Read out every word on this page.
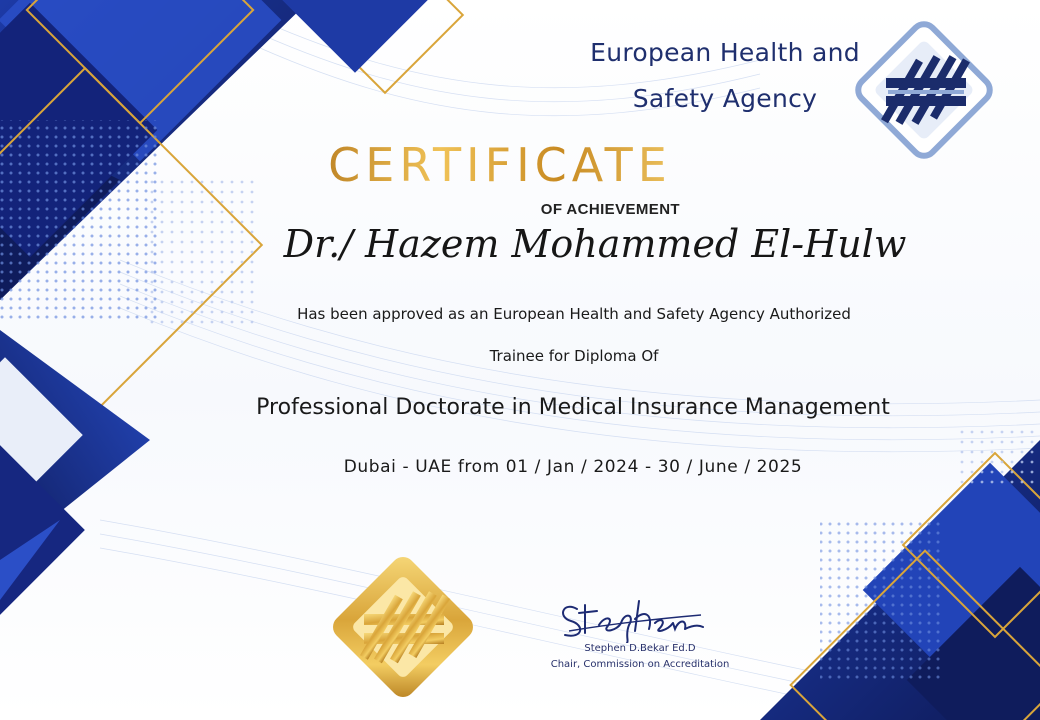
European Health and
Safety Agency
CERTIFICATE
OF ACHIEVEMENT
Dr./ Hazem Mohammed El-Hulw
Has been approved as an European Health and Safety Agency Authorized
Trainee for Diploma Of
Professional Doctorate in Medical Insurance Management
Dubai - UAE from 01 / Jan / 2024 - 30 / June / 2025
Stephen D.Bekar Ed.D
Chair, Commission on Accreditation
